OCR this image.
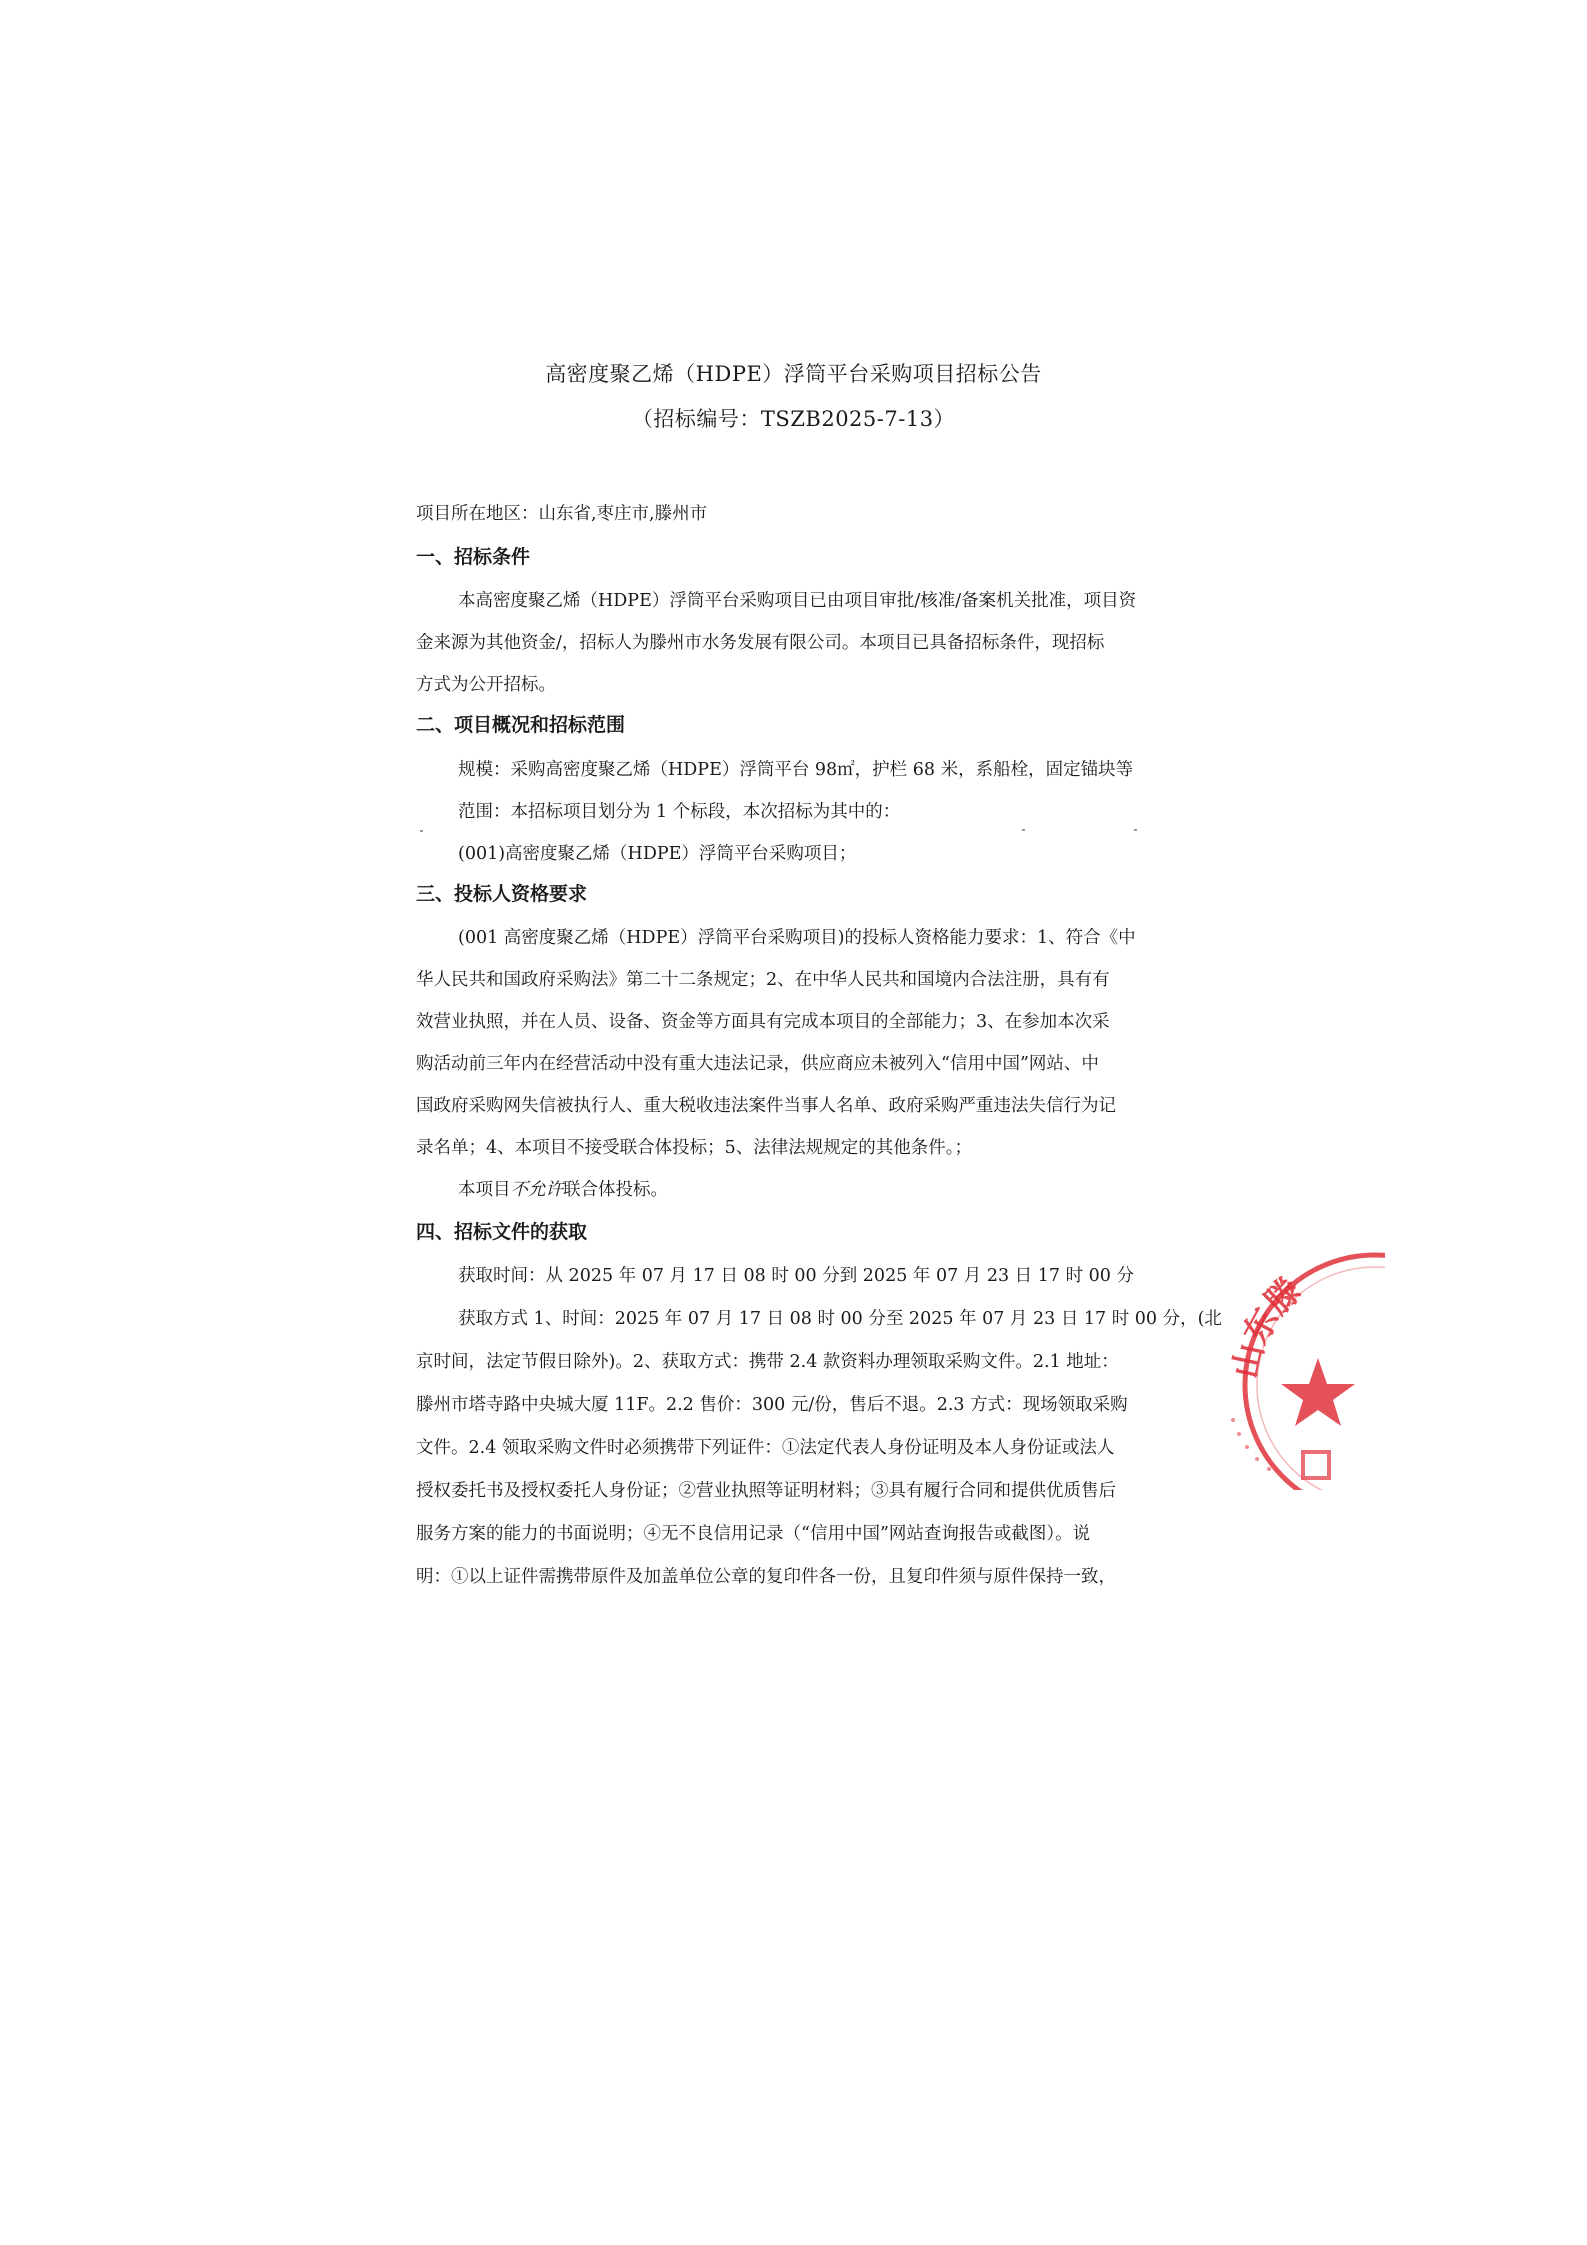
高密度聚乙烯（HDPE）浮筒平台采购项目招标公告
（招标编号：TSZB2025-7-13）
项目所在地区：山东省,枣庄市,滕州市
一、招标条件
本高密度聚乙烯（HDPE）浮筒平台采购项目已由项目审批/核准/备案机关批准，项目资
金来源为其他资金/，招标人为滕州市水务发展有限公司。本项目已具备招标条件，现招标
方式为公开招标。
二、项目概况和招标范围
规模：采购高密度聚乙烯（HDPE）浮筒平台 98㎡，护栏 68 米，系船栓，固定锚块等
范围：本招标项目划分为 1 个标段，本次招标为其中的：
(001)高密度聚乙烯（HDPE）浮筒平台采购项目；
三、投标人资格要求
(001 高密度聚乙烯（HDPE）浮筒平台采购项目)的投标人资格能力要求：1、符合《中
华人民共和国政府采购法》第二十二条规定；2、在中华人民共和国境内合法注册，具有有
效营业执照，并在人员、设备、资金等方面具有完成本项目的全部能力；3、在参加本次采
购活动前三年内在经营活动中没有重大违法记录，供应商应未被列入“信用中国”网站、中
国政府采购网失信被执行人、重大税收违法案件当事人名单、政府采购严重违法失信行为记
录名单；4、本项目不接受联合体投标；5、法律法规规定的其他条件。；
本项目不允许联合体投标。
四、招标文件的获取
获取时间：从 2025 年 07 月 17 日 08 时 00 分到 2025 年 07 月 23 日 17 时 00 分
获取方式 1、时间：2025 年 07 月 17 日 08 时 00 分至 2025 年 07 月 23 日 17 时 00 分，(北
京时间，法定节假日除外)。2、获取方式：携带 2.4 款资料办理领取采购文件。2.1 地址：
滕州市塔寺路中央城大厦 11F。2.2 售价：300 元/份，售后不退。2.3 方式：现场领取采购
文件。2.4 领取采购文件时必须携带下列证件：①法定代表人身份证明及本人身份证或法人
授权委托书及授权委托人身份证；②营业执照等证明材料；③具有履行合同和提供优质售后
服务方案的能力的书面说明；④无不良信用记录（“信用中国”网站查询报告或截图）。说
明：①以上证件需携带原件及加盖单位公章的复印件各一份，且复印件须与原件保持一致，
山东滕
